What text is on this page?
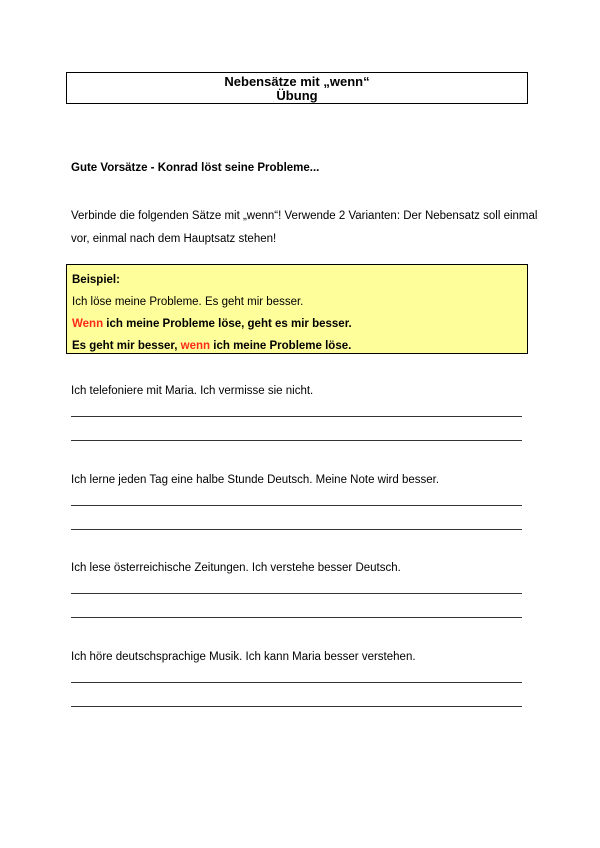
Nebensätze mit „wenn“
Übung
Gute Vorsätze - Konrad löst seine Probleme...
Verbinde die folgenden Sätze mit „wenn“! Verwende 2 Varianten: Der Nebensatz soll einmal vor, einmal nach dem Hauptsatz stehen!
Beispiel:
Ich löse meine Probleme. Es geht mir besser.
Wenn ich meine Probleme löse, geht es mir besser.
Es geht mir besser, wenn ich meine Probleme löse.
Ich telefoniere mit Maria. Ich vermisse sie nicht.
Ich lerne jeden Tag eine halbe Stunde Deutsch. Meine Note wird besser.
Ich lese österreichische Zeitungen. Ich verstehe besser Deutsch.
Ich höre deutschsprachige Musik. Ich kann Maria besser verstehen.
